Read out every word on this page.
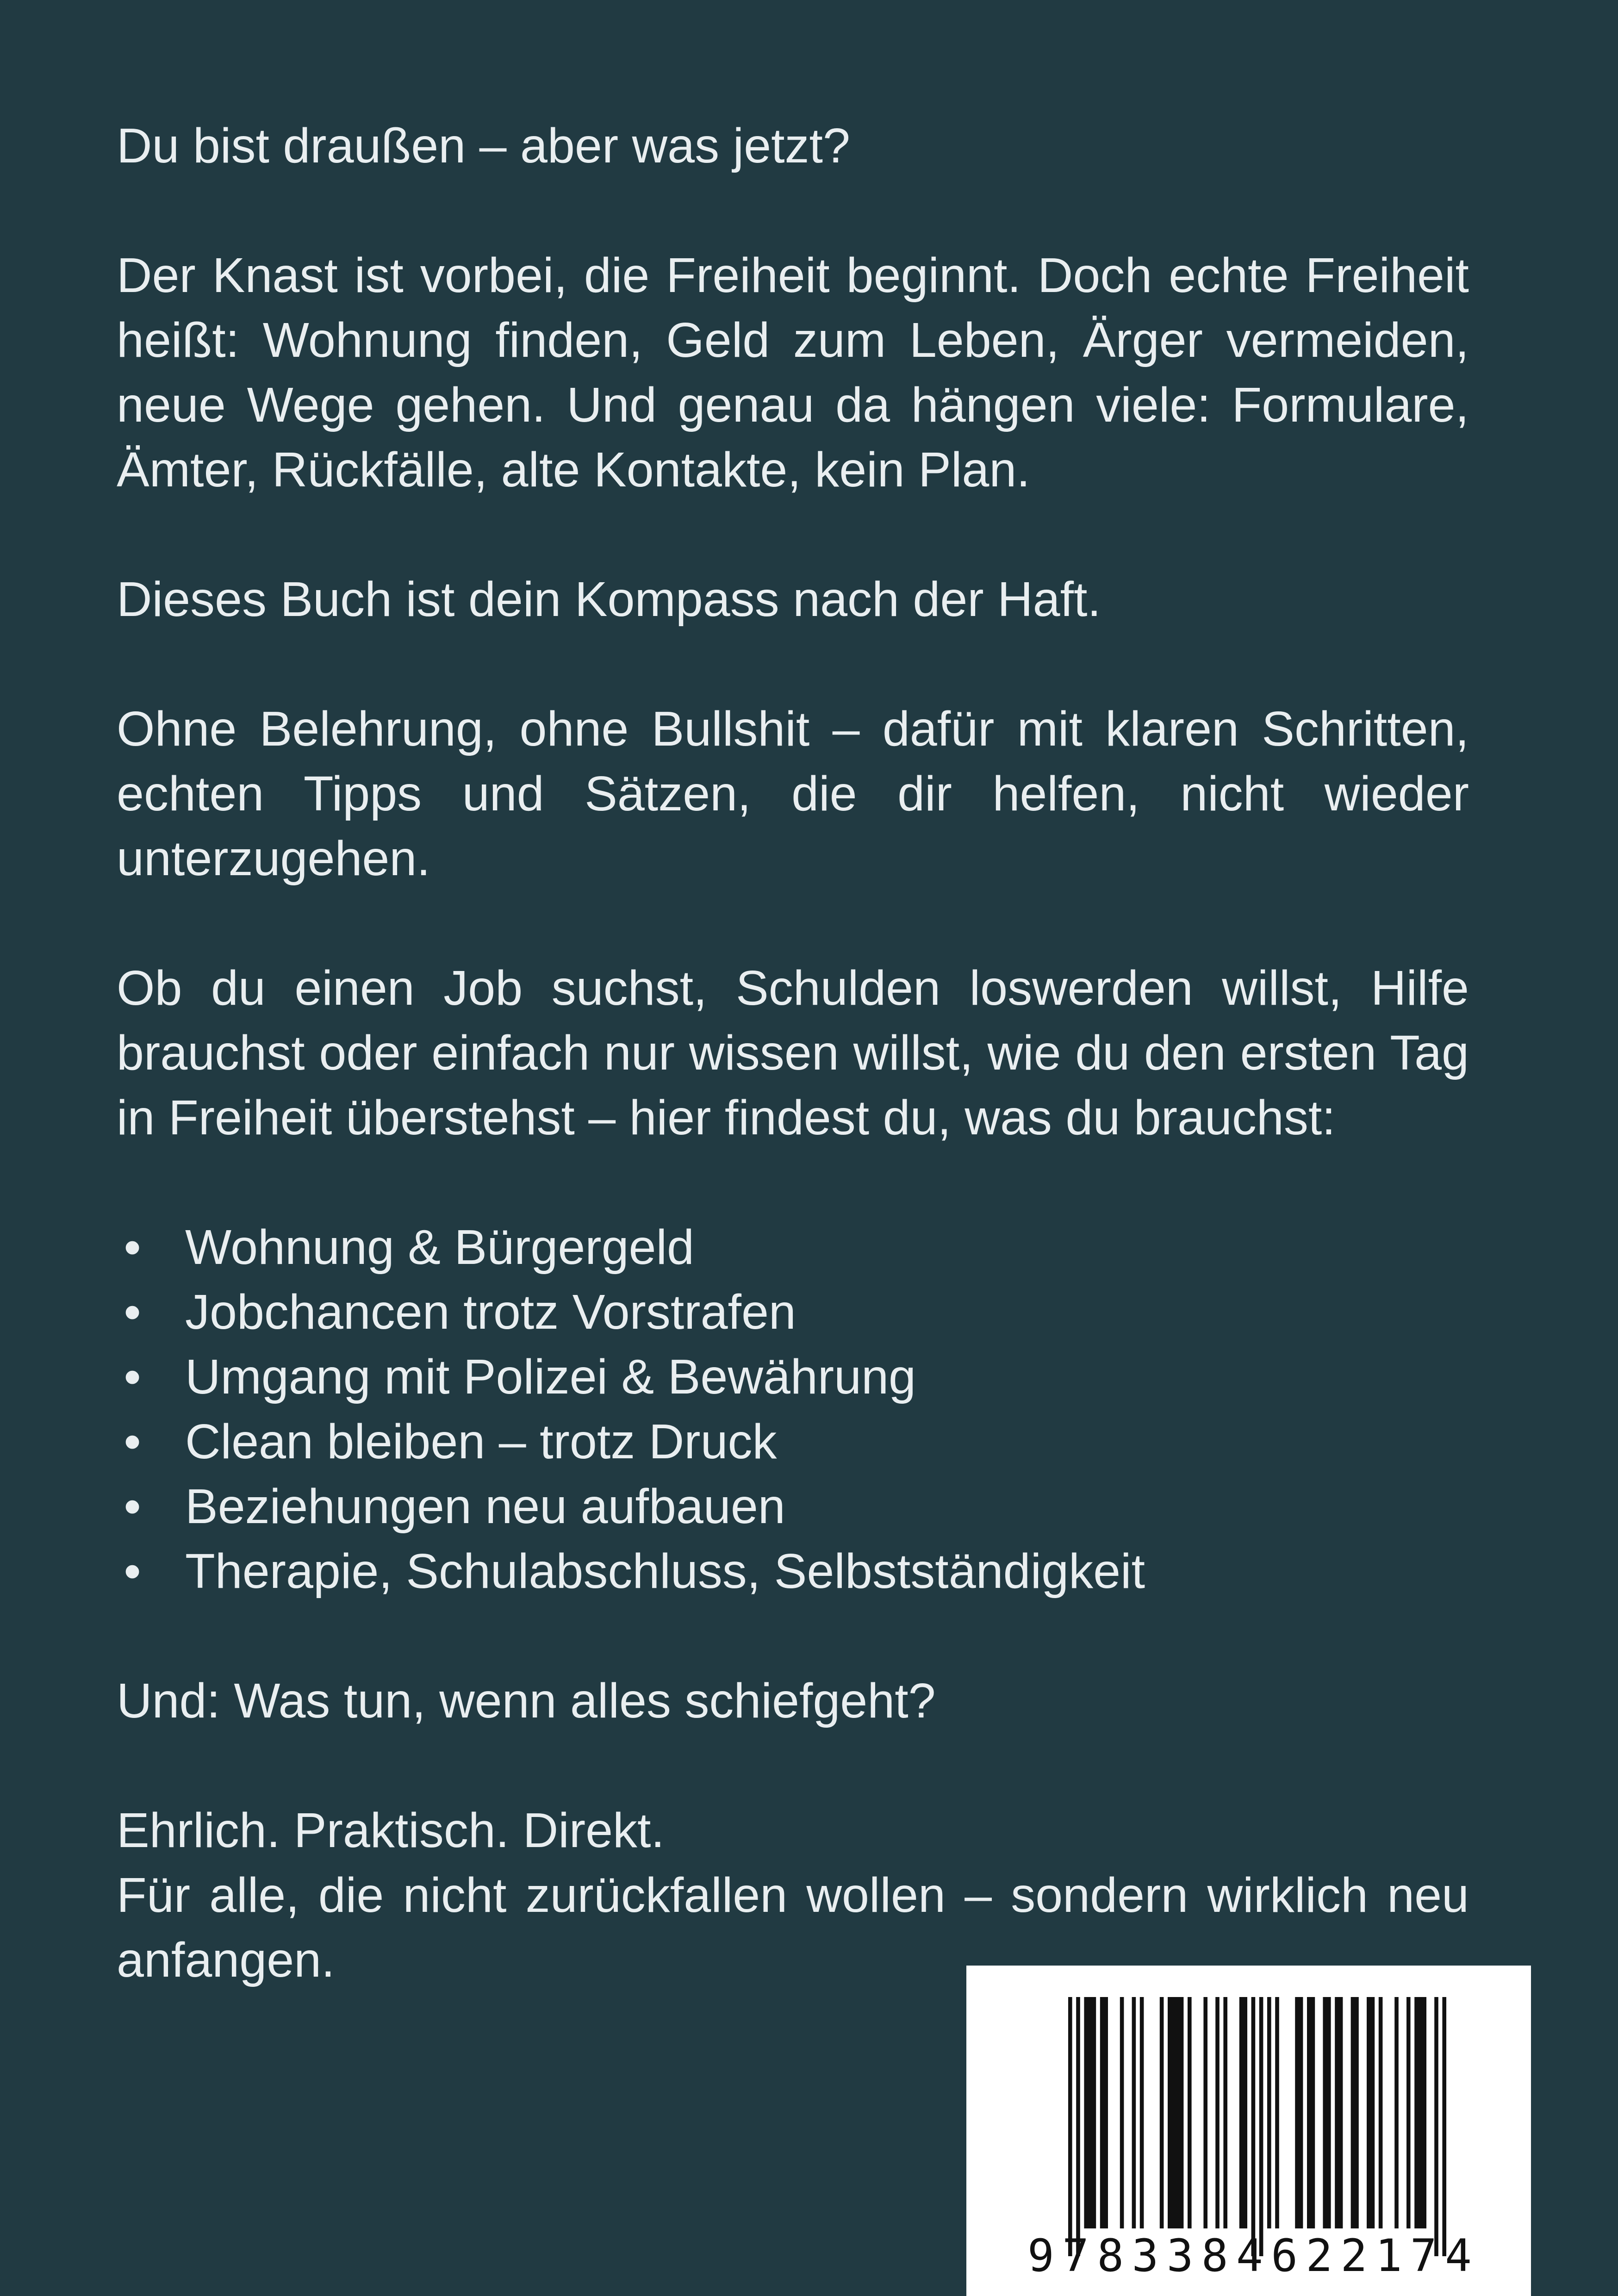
Du bist draußen – aber was jetzt?

Der Knast ist vorbei, die Freiheit beginnt. Doch echte Freiheit heißt: Wohnung finden, Geld zum Leben, Ärger vermeiden, neue Wege gehen. Und genau da hängen viele: Formulare, Ämter, Rückfälle, alte Kontakte, kein Plan.

Dieses Buch ist dein Kompass nach der Haft.

Ohne Belehrung, ohne Bullshit – dafür mit klaren Schritten, echten Tipps und Sätzen, die dir helfen, nicht wieder unterzugehen.

Ob du einen Job suchst, Schulden loswerden willst, Hilfe brauchst oder einfach nur wissen willst, wie du den ersten Tag in Freiheit überstehst – hier findest du, was du brauchst:

• Wohnung & Bürgergeld
• Jobchancen trotz Vorstrafen
• Umgang mit Polizei & Bewährung
• Clean bleiben – trotz Druck
• Beziehungen neu aufbauen
• Therapie, Schulabschluss, Selbstständigkeit

Und: Was tun, wenn alles schiefgeht?

Ehrlich. Praktisch. Direkt.
Für alle, die nicht zurückfallen wollen – sondern wirklich neu anfangen.

9 7 8 3 3 8 4 6 2 2 1 7 4
